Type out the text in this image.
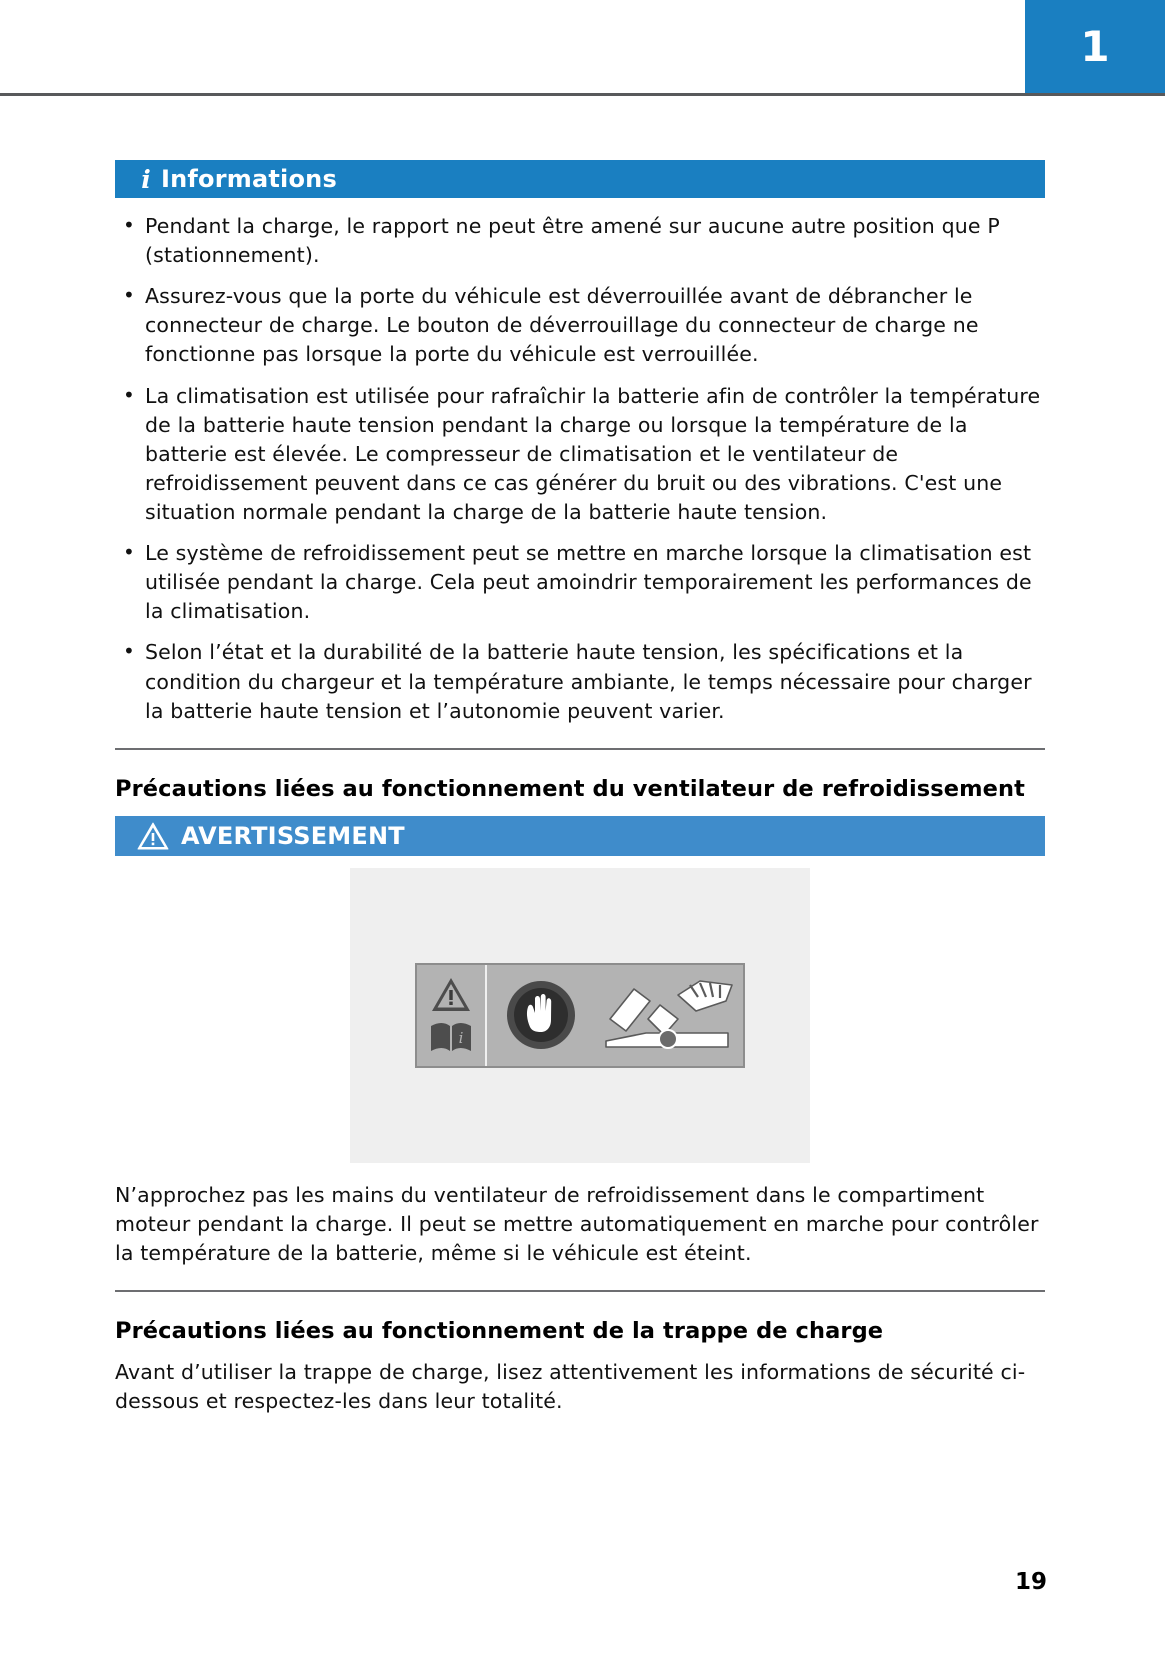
1
i Informations
• Pendant la charge, le rapport ne peut être amené sur aucune autre position que P (stationnement).
• Assurez-vous que la porte du véhicule est déverrouillée avant de débrancher le connecteur de charge. Le bouton de déverrouillage du connecteur de charge ne fonctionne pas lorsque la porte du véhicule est verrouillée.
• La climatisation est utilisée pour rafraîchir la batterie afin de contrôler la température de la batterie haute tension pendant la charge ou lorsque la température de la batterie est élevée. Le compresseur de climatisation et le ventilateur de refroidissement peuvent dans ce cas générer du bruit ou des vibrations. C'est une situation normale pendant la charge de la batterie haute tension.
• Le système de refroidissement peut se mettre en marche lorsque la climatisation est utilisée pendant la charge. Cela peut amoindrir temporairement les performances de la climatisation.
• Selon l’état et la durabilité de la batterie haute tension, les spécifications et la condition du chargeur et la température ambiante, le temps nécessaire pour charger la batterie haute tension et l’autonomie peuvent varier.
Précautions liées au fonctionnement du ventilateur de refroidissement
AVERTISSEMENT
i

N’approchez pas les mains du ventilateur de refroidissement dans le compartiment moteur pendant la charge. Il peut se mettre automatiquement en marche pour contrôler la température de la batterie, même si le véhicule est éteint.

Précautions liées au fonctionnement de la trappe de charge

Avant d’utiliser la trappe de charge, lisez attentivement les informations de sécurité ci-dessous et respectez-les dans leur totalité.

19
